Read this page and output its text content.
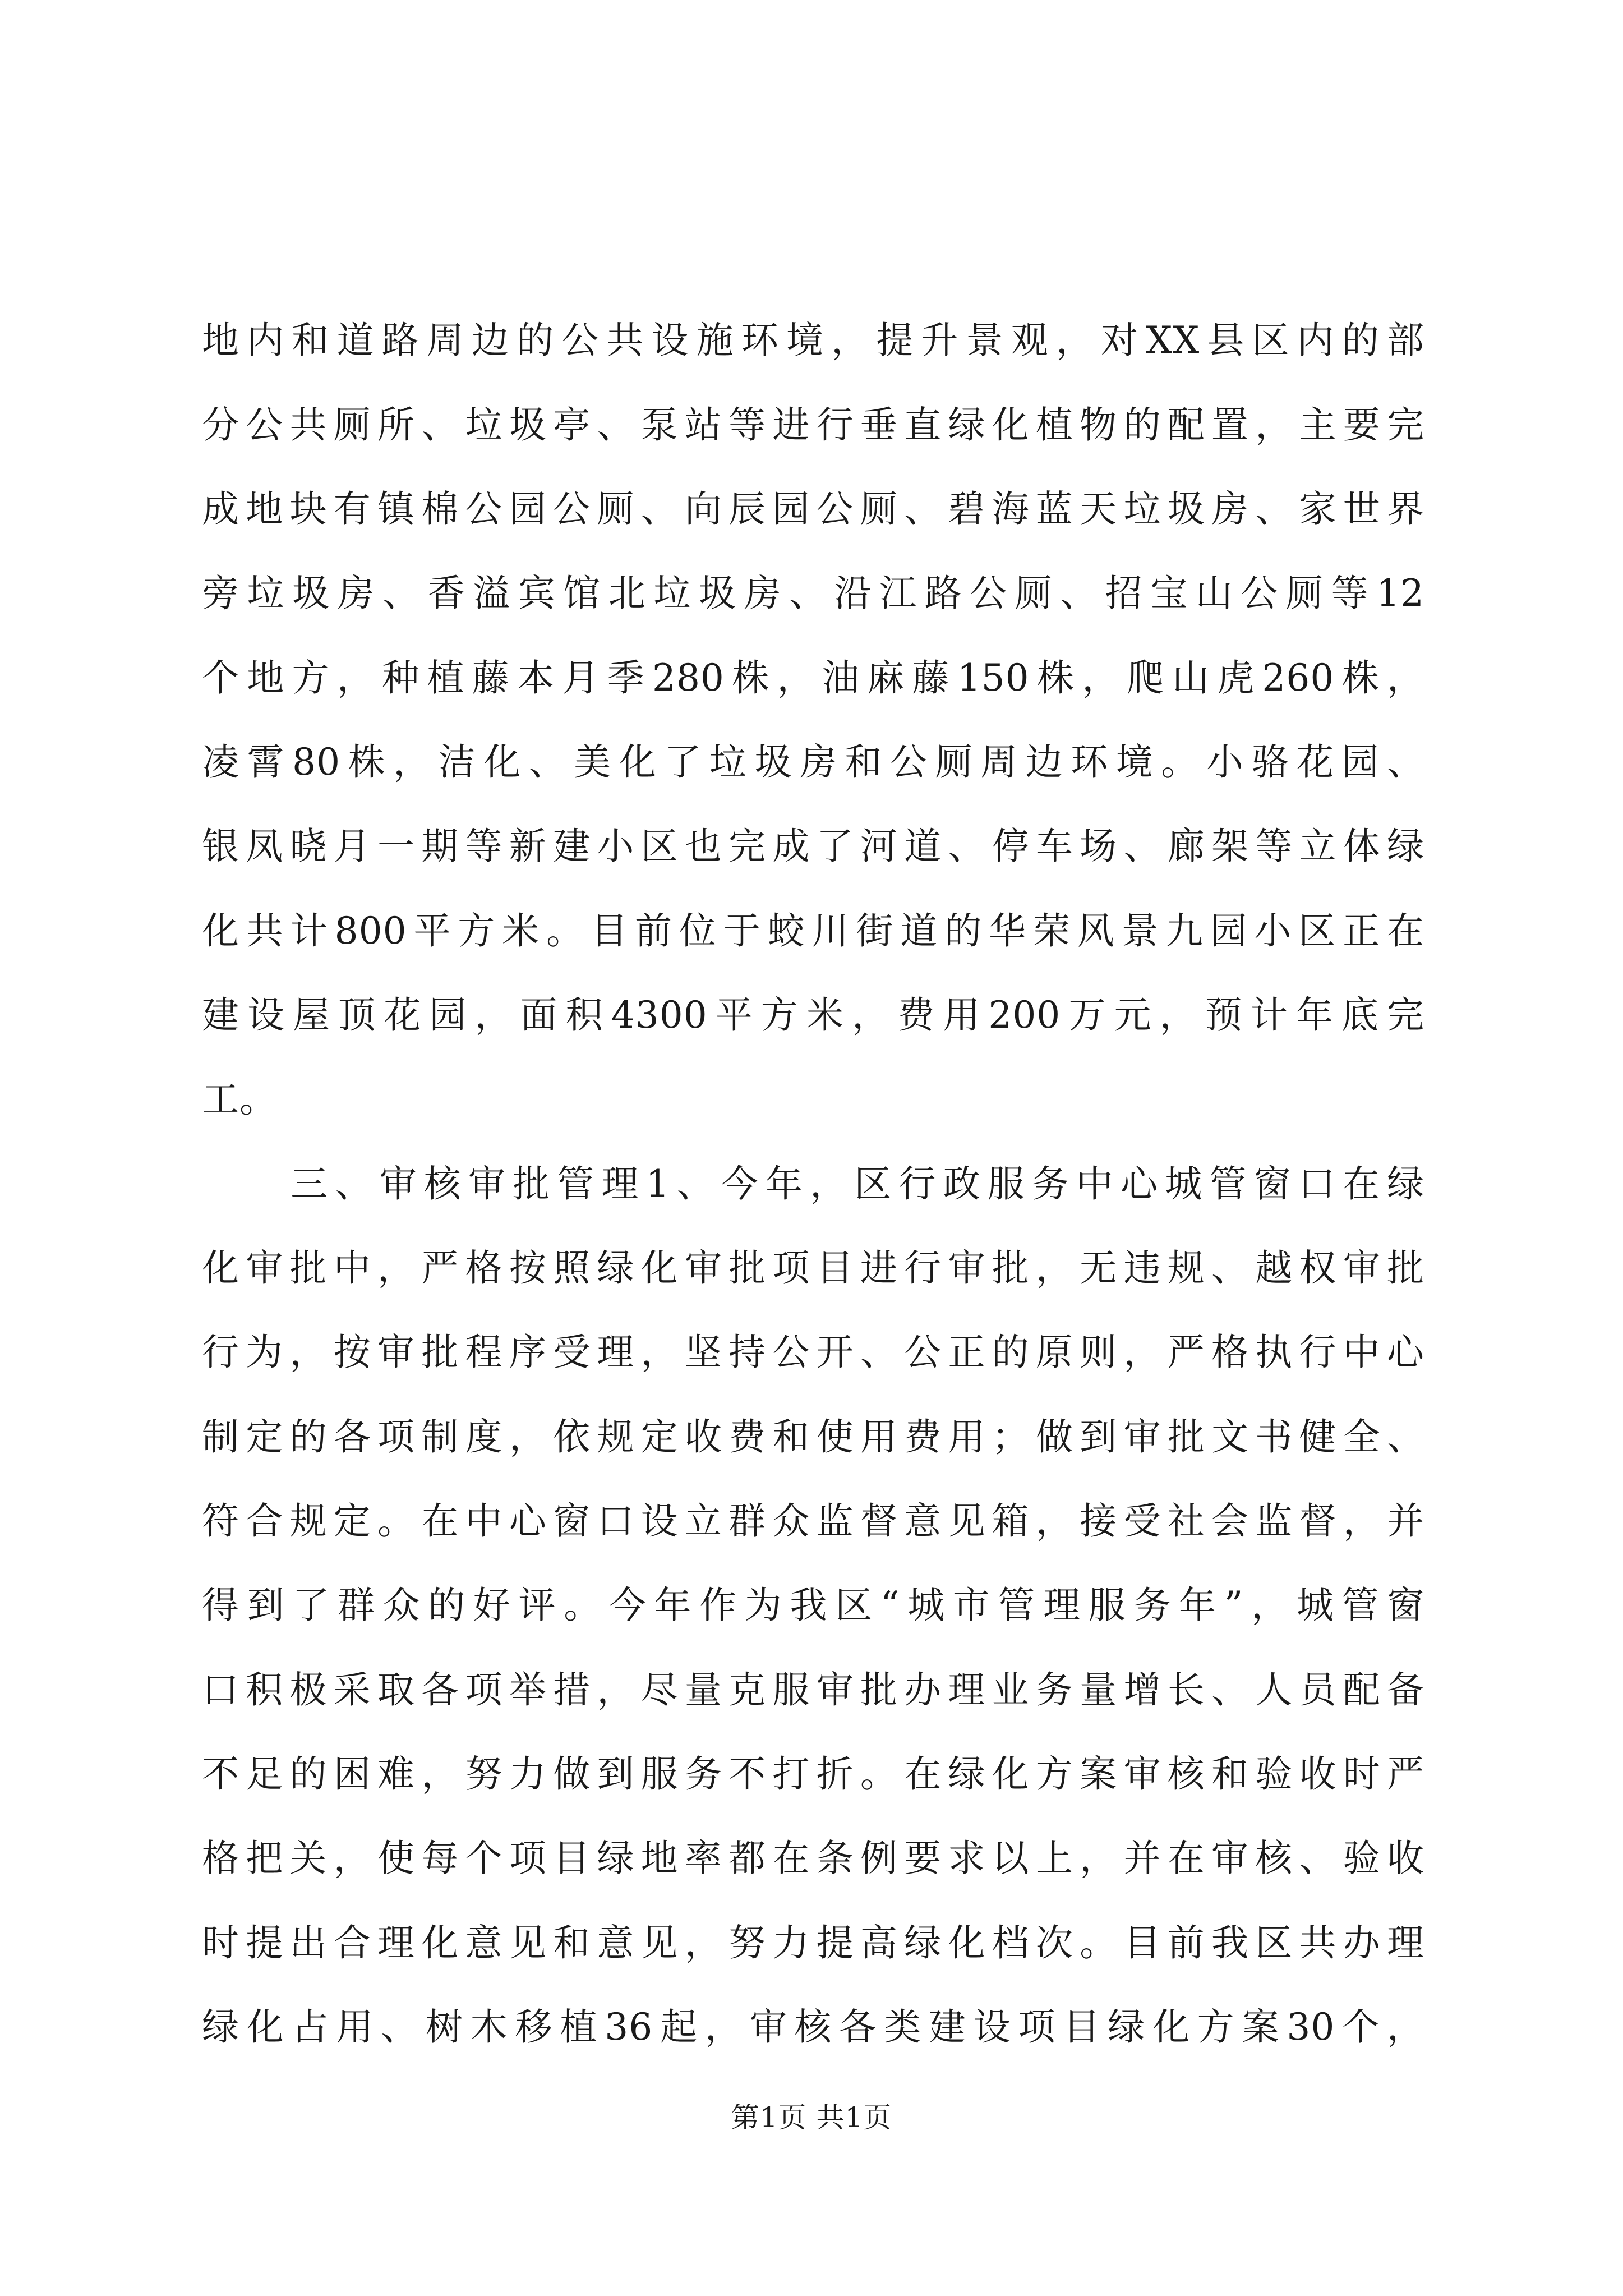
地内和道路周边的公共设施环境，提升景观，对XX县区内的部
分公共厕所、垃圾亭、泵站等进行垂直绿化植物的配置，主要完
成地块有镇棉公园公厕、向辰园公厕、碧海蓝天垃圾房、家世界
旁垃圾房、香溢宾馆北垃圾房、沿江路公厕、招宝山公厕等12
个地方，种植藤本月季280株，油麻藤150株，爬山虎260株，
凌霄80株，洁化、美化了垃圾房和公厕周边环境。小骆花园、
银凤晓月一期等新建小区也完成了河道、停车场、廊架等立体绿
化共计800平方米。目前位于蛟川街道的华荣风景九园小区正在
建设屋顶花园，面积4300平方米，费用200万元，预计年底完
工。
　　三、审核审批管理1、今年，区行政服务中心城管窗口在绿
化审批中，严格按照绿化审批项目进行审批，无违规、越权审批
行为，按审批程序受理，坚持公开、公正的原则，严格执行中心
制定的各项制度，依规定收费和使用费用；做到审批文书健全、
符合规定。在中心窗口设立群众监督意见箱，接受社会监督，并
得到了群众的好评。今年作为我区“城市管理服务年”，城管窗
口积极采取各项举措，尽量克服审批办理业务量增长、人员配备
不足的困难，努力做到服务不打折。在绿化方案审核和验收时严
格把关，使每个项目绿地率都在条例要求以上，并在审核、验收
时提出合理化意见和意见，努力提高绿化档次。目前我区共办理
绿化占用、树木移植36起，审核各类建设项目绿化方案30个，
第1页 共1页
